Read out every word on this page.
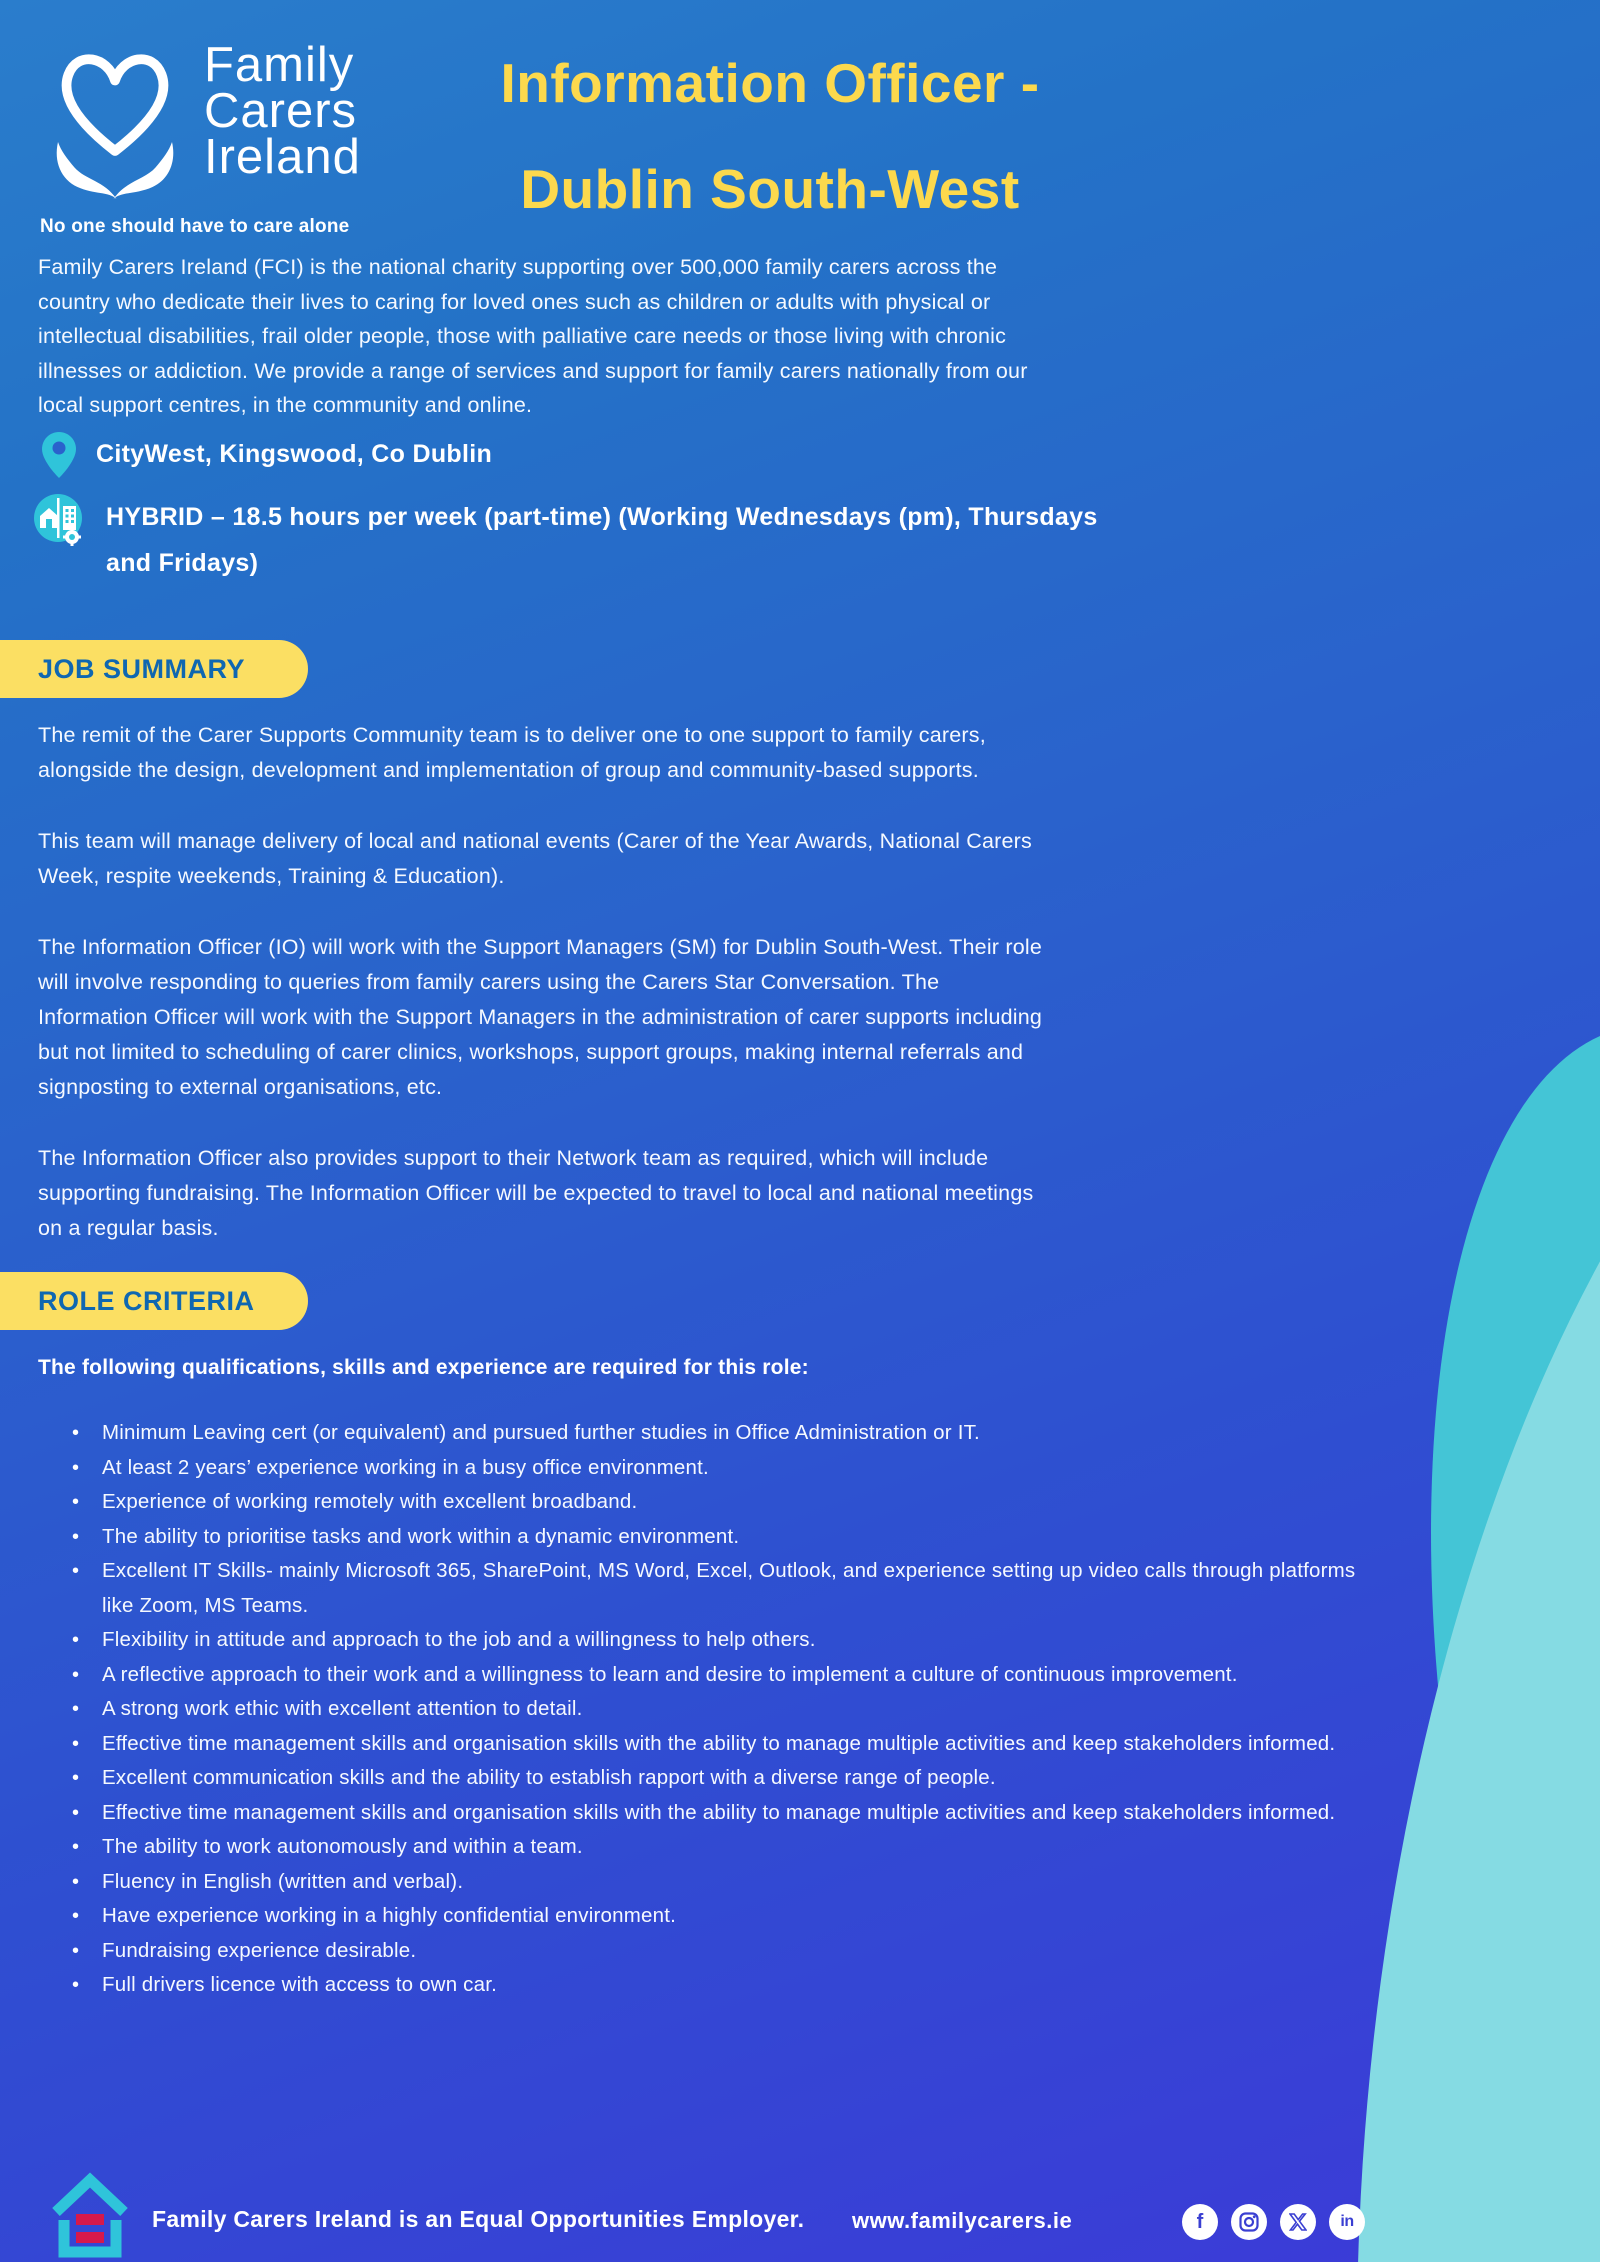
Family
Carers
Ireland
No one should have to care alone
Information Officer -
Dublin South-West
Family Carers Ireland (FCI) is the national charity supporting over 500,000 family carers across the country who dedicate their lives to caring for loved ones such as children or adults with physical or intellectual disabilities, frail older people, those with palliative care needs or those living with chronic illnesses or addiction. We provide a range of services and support for family carers nationally from our local support centres, in the community and online.
CityWest, Kingswood, Co Dublin
HYBRID – 18.5 hours per week (part-time) (Working Wednesdays (pm), Thursdays and Fridays)
JOB SUMMARY

The remit of the Carer Supports Community team is to deliver one to one support to family carers, alongside the design, development and implementation of group and community-based supports.

This team will manage delivery of local and national events (Carer of the Year Awards, National Carers Week, respite weekends, Training & Education).

The Information Officer (IO) will work with the Support Managers (SM) for Dublin South-West. Their role will involve responding to queries from family carers using the Carers Star Conversation. The Information Officer will work with the Support Managers in the administration of carer supports including but not limited to scheduling of carer clinics, workshops, support groups, making internal referrals and signposting to external organisations, etc.

The Information Officer also provides support to their Network team as required, which will include supporting fundraising. The Information Officer will be expected to travel to local and national meetings on a regular basis.

ROLE CRITERIA
The following qualifications, skills and experience are required for this role:
• Minimum Leaving cert (or equivalent) and pursued further studies in Office Administration or IT.
• At least 2 years’ experience working in a busy office environment.
• Experience of working remotely with excellent broadband.
• The ability to prioritise tasks and work within a dynamic environment.
• Excellent IT Skills- mainly Microsoft 365, SharePoint, MS Word, Excel, Outlook, and experience setting up video calls through platforms like Zoom, MS Teams.
• Flexibility in attitude and approach to the job and a willingness to help others.
• A reflective approach to their work and a willingness to learn and desire to implement a culture of continuous improvement.
• A strong work ethic with excellent attention to detail.
• Effective time management skills and organisation skills with the ability to manage multiple activities and keep stakeholders informed.
• Excellent communication skills and the ability to establish rapport with a diverse range of people.
• Effective time management skills and organisation skills with the ability to manage multiple activities and keep stakeholders informed.
• The ability to work autonomously and within a team.
• Fluency in English (written and verbal).
• Have experience working in a highly confidential environment.
• Fundraising experience desirable.
• Full drivers licence with access to own car.
Family Carers Ireland is an Equal Opportunities Employer. www.familycarers.ie	f	in
